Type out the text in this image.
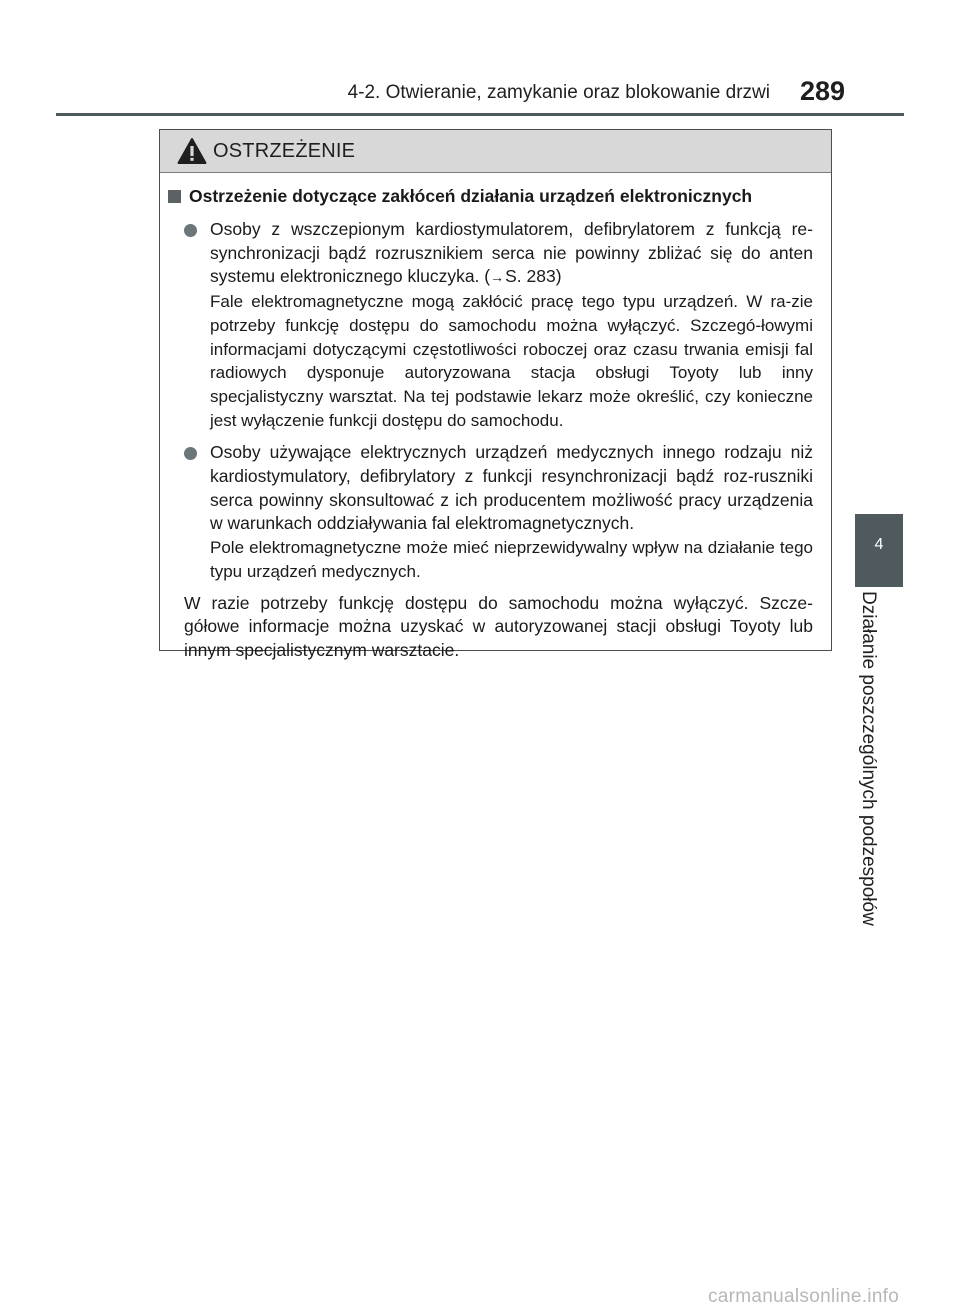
4-2. Otwieranie, zamykanie oraz blokowanie drzwi 289
4
Działanie poszczególnych podzespołów
OSTRZEŻENIE
Ostrzeżenie dotyczące zakłóceń działania urządzeń elektronicznych

Osoby z wszczepionym kardiostymulatorem, defibrylatorem z funkcją re-synchronizacji bądź rozrusznikiem serca nie powinny zbliżać się do anten systemu elektronicznego kluczyka. (→S. 283)

Fale elektromagnetyczne mogą zakłócić pracę tego typu urządzeń. W ra-zie potrzeby funkcję dostępu do samochodu można wyłączyć. Szczegó-łowymi informacjami dotyczącymi częstotliwości roboczej oraz czasu trwania emisji fal radiowych dysponuje autoryzowana stacja obsługi Toyoty lub inny specjalistyczny warsztat. Na tej podstawie lekarz może określić, czy konieczne jest wyłączenie funkcji dostępu do samochodu.

Osoby używające elektrycznych urządzeń medycznych innego rodzaju niż kardiostymulatory, defibrylatory z funkcji resynchronizacji bądź roz-ruszniki serca powinny skonsultować z ich producentem możliwość pracy urządzenia w warunkach oddziaływania fal elektromagnetycznych.

Pole elektromagnetyczne może mieć nieprzewidywalny wpływ na działanie tego typu urządzeń medycznych.

W razie potrzeby funkcję dostępu do samochodu można wyłączyć. Szcze-gółowe informacje można uzyskać w autoryzowanej stacji obsługi Toyoty lub innym specjalistycznym warsztacie.

carmanualsonline.info
